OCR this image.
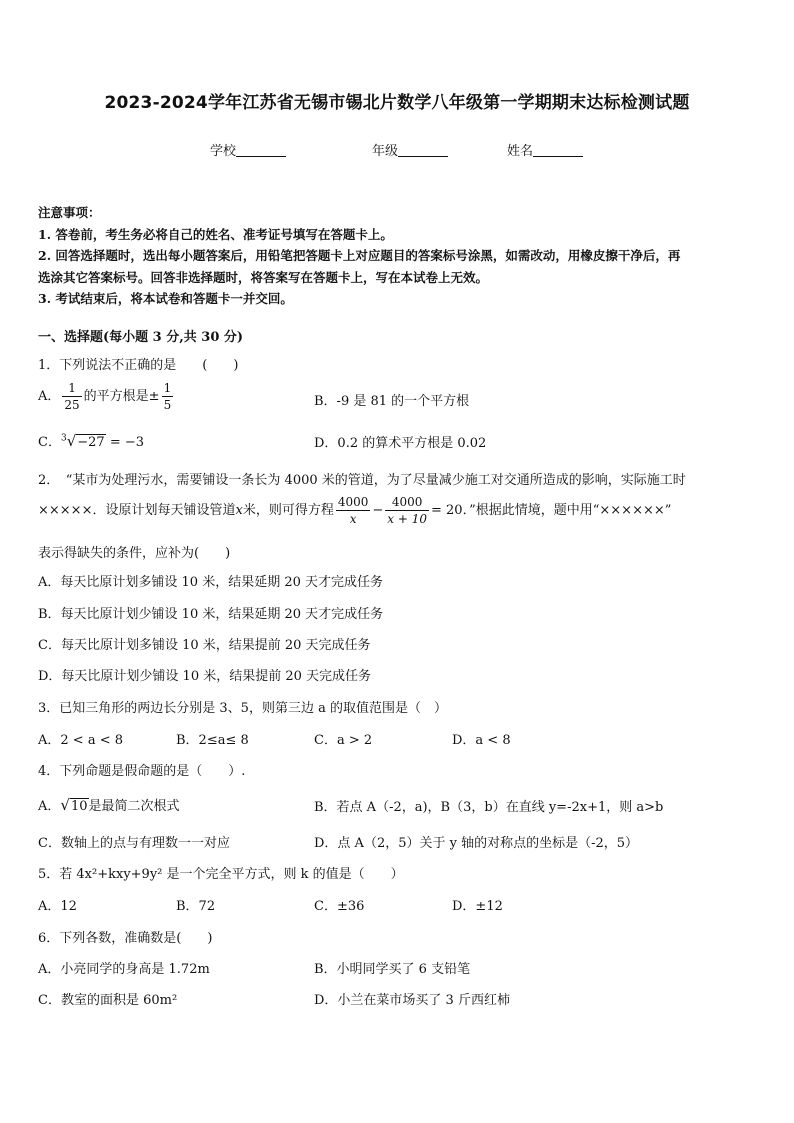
2023-2024学年江苏省无锡市锡北片数学八年级第一学期期末达标检测试题
学校	年级	姓名
注意事项：
1. 答卷前，考生务必将自己的姓名、准考证号填写在答题卡上。
2. 回答选择题时，选出每小题答案后，用铅笔把答题卡上对应题目的答案标号涂黑，如需改动，用橡皮擦干净后，再
选涂其它答案标号。回答非选择题时，将答案写在答题卡上，写在本试卷上无效。
3. 考试结束后，将本试卷和答题卡一并交回。
一、选择题(每小题 3 分,共 30 分)
1．下列说法不正确的是　　(　　)
A． $\frac{1}{25}$ 的平方根是± $\frac{1}{5}$	B．-9 是 81 的一个平方根
C．$^3$√−27 = −3	D．0.2 的算术平方根是 0.02
2．　“某市为处理污水，需要铺设一条长为 4000 米的管道，为了尽量减少施工对交通所造成的影响，实际施工时
×××××．设原计划每天铺设管道x米，则可得方程 $\frac{4000}{x} - \frac{4000}{x + 10} = 20$．”根据此情境，题中用“××××××”
表示得缺失的条件，应补为(　　)
A．每天比原计划多铺设 10 米，结果延期 20 天才完成任务
B．每天比原计划少铺设 10 米，结果延期 20 天才完成任务
C．每天比原计划多铺设 10 米，结果提前 20 天完成任务
D．每天比原计划少铺设 10 米，结果提前 20 天完成任务
3．已知三角形的两边长分别是 3、5，则第三边 a 的取值范围是（　）
A．2 < a < 8	B．2≤a≤ 8	C．a > 2	D．a < 8
4．下列命题是假命题的是（　　）.
A．√10是最简二次根式	B．若点 A（-2，a)，B（3，b）在直线 y=-2x+1，则 a>b
C．数轴上的点与有理数一一对应	D．点 A（2，5）关于 y 轴的对称点的坐标是（-2，5）
5．若 4x²+kxy+9y² 是一个完全平方式，则 k 的值是（　　）
A．12	B．72	C．±36	D．±12
6．下列各数，准确数是(　　)
A．小亮同学的身高是 1.72m	B．小明同学买了 6 支铅笔
C．教室的面积是 60m²	D．小兰在菜市场买了 3 斤西红柿
